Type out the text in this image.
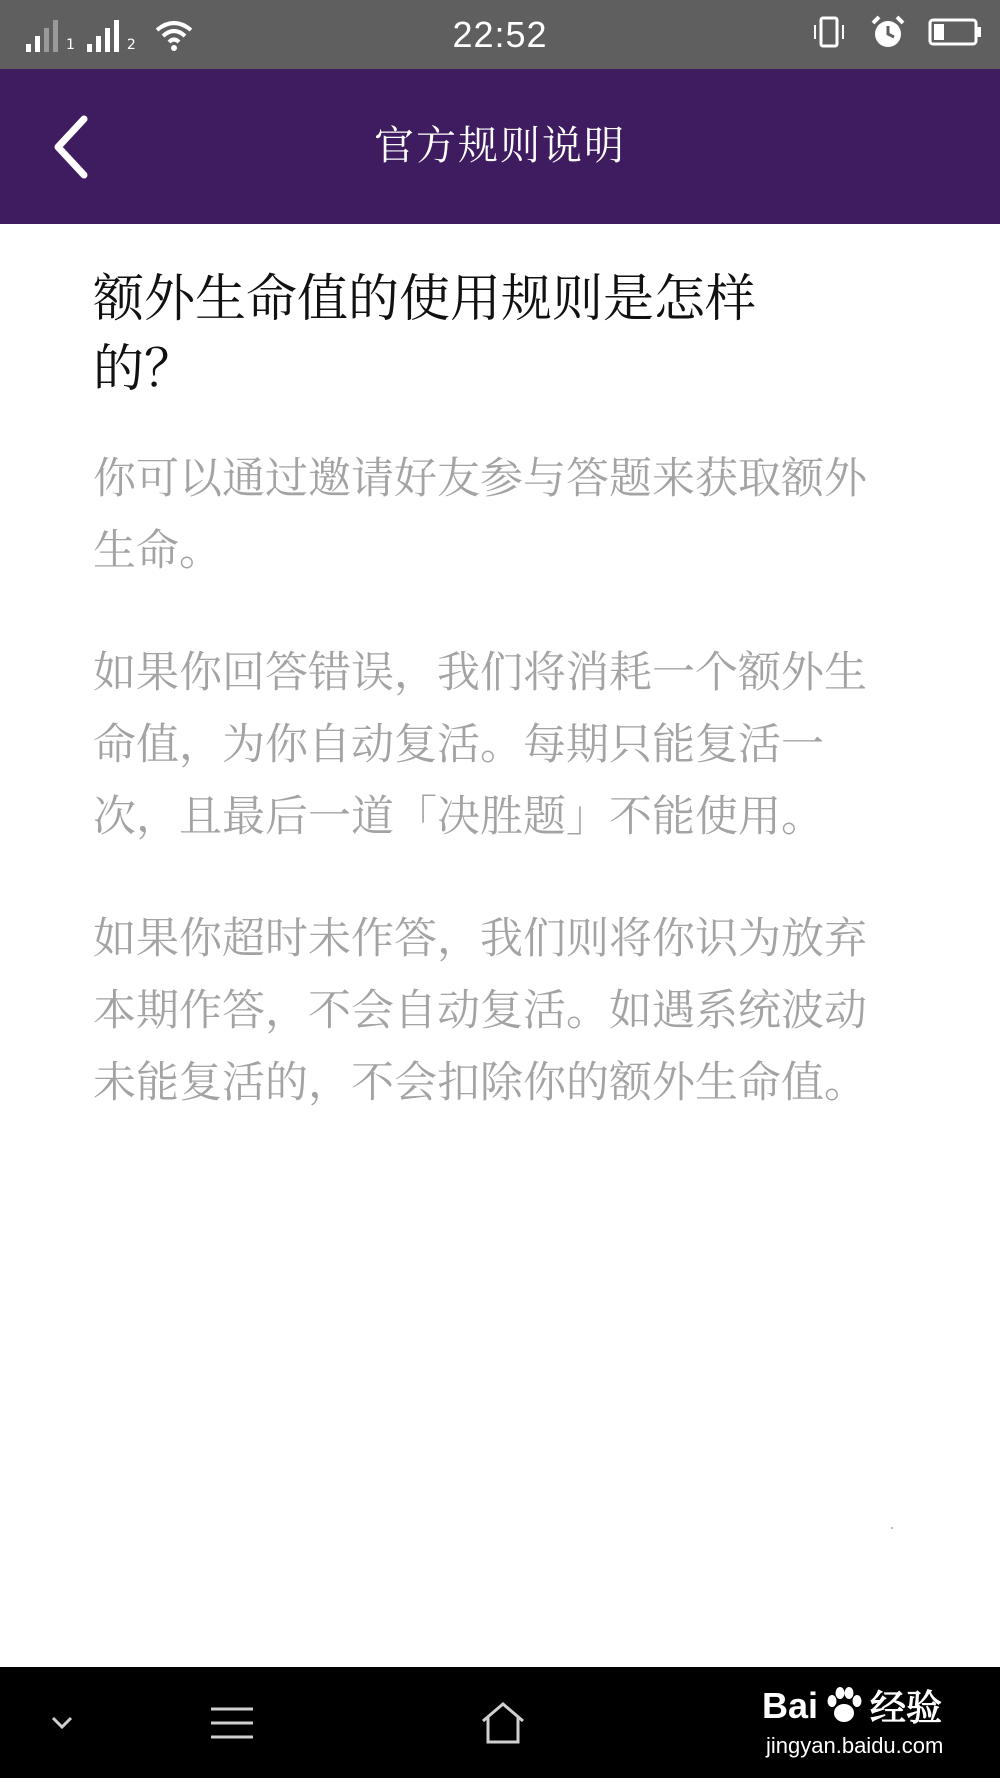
1	2	22:52
官方规则说明
额外生命值的使用规则是怎样的？

你可以通过邀请好友参与答题来获取额外生命。

如果你回答错误，我们将消耗一个额外生命值，为你自动复活。每期只能复活一次，且最后一道「决胜题」不能使用。

如果你超时未作答，我们则将你识为放弃本期作答，不会自动复活。如遇系统波动未能复活的，不会扣除你的额外生命值。

Bai 经验
jingyan.baidu.com
